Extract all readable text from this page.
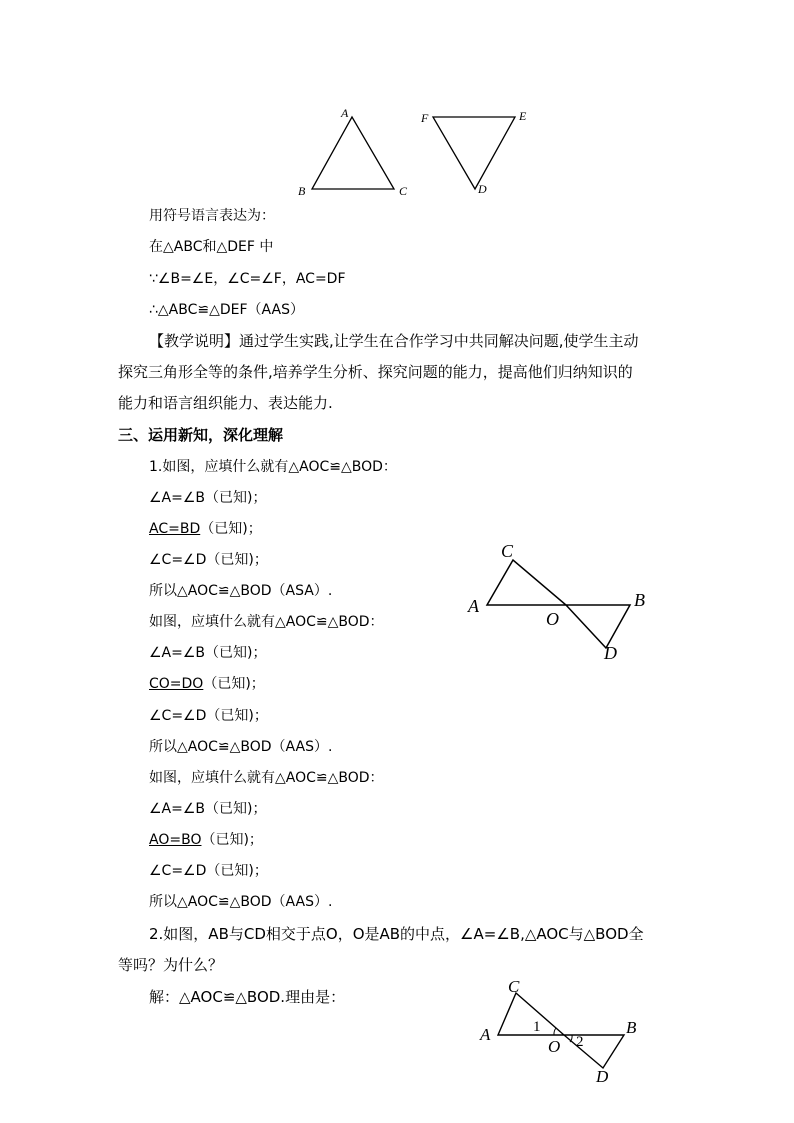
A
B	C
F	E
D
用符号语言表达为：
在△ABC和△DEF 中
∵∠B=∠E，∠C=∠F，AC=DF
∴△ABC≌△DEF（AAS）
【教学说明】通过学生实践,让学生在合作学习中共同解决问题,使学生主动
探究三角形全等的条件,培养学生分析、探究问题的能力，提高他们归纳知识的
能力和语言组织能力、表达能力.
三、运用新知，深化理解
1.如图，应填什么就有△AOC≌△BOD：
∠A=∠B（已知)；
AC=BD（已知)；
∠C=∠D（已知)；
所以△AOC≌△BOD（ASA）.
如图，应填什么就有△AOC≌△BOD：
∠A=∠B（已知)；
CO=DO（已知)；
∠C=∠D（已知)；
所以△AOC≌△BOD（AAS）.
如图，应填什么就有△AOC≌△BOD：
∠A=∠B（已知)；
AO=BO（已知)；
∠C=∠D（已知)；
所以△AOC≌△BOD（AAS）.
2.如图，AB与CD相交于点O，O是AB的中点，∠A=∠B,△AOC与△BOD全
等吗？为什么？
解：△AOC≌△BOD.理由是：
C
A
O
B
D
C
A
O
B
D
1
2
